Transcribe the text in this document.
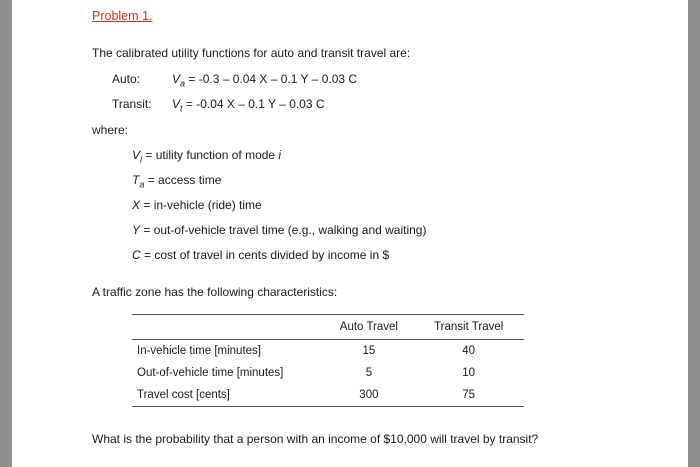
Problem 1.
The calibrated utility functions for auto and transit travel are:
Auto:	$V_a = -0.3 - 0.04$ X – 0.1 Y – 0.03 C
Transit: $V_t = -0.04$ X – 0.1 Y – 0.03 C
where:
$V_i$ = utility function of mode i
$T_a$ = access time
X = in-vehicle (ride) time
Y = out-of-vehicle travel time (e.g., walking and waiting)
C = cost of travel in cents divided by income in $
A traffic zone has the following characteristics:
	Auto Travel	Transit Travel
In-vehicle time [minutes]	15	40
Out-of-vehicle time [minutes]	5	10
Travel cost [cents]	300	75
What is the probability that a person with an income of $10,000 will travel by transit?
